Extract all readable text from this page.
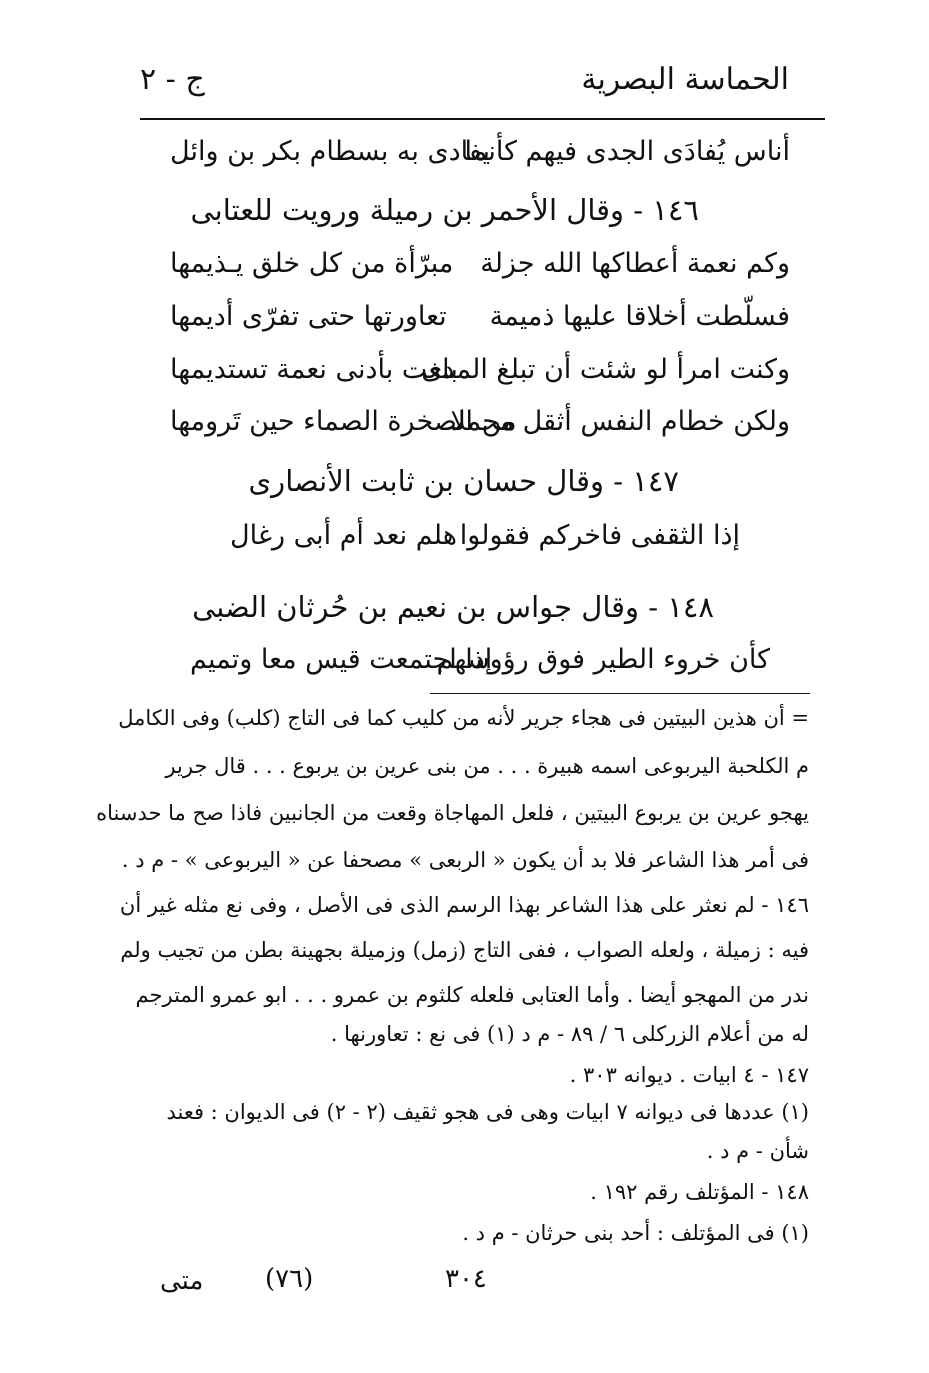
الحماسة البصرية
ج - ٢
أناس يُفادَى الجدى فيهم كأنما
يفادى به بسطام بكر بن وائل
١٤٦ - وقال الأحمر بن رميلة ورويت للعتابى
وكم نعمة أعطاكها الله جزلة
مبرّأة من كل خلق يـذيمها
فسلّطت أخلاقا عليها ذميمة
تعاورتها حتى تفرّى أديمها
وكنت امرأ لو شئت أن تبلغ المدى
بلغت بأدنى نعمة تستديمها
ولكن خطام النفس أثقل محملا
من الصخرة الصماء حين تَرومها
١٤٧ - وقال حسان بن ثابت الأنصارى
إذا الثقفى فاخركم فقولوا
هلم نعد أم أبى رغال
١٤٨ - وقال جواس بن نعيم بن حُرثان الضبى
كأن خروء الطير فوق رؤوسهم
إذا اجتمعت قيس معا وتميم
= أن هذين البيتين فى هجاء جرير لأنه من كليب كما فى التاج (كلب) وفى الكامل
م الكلحبة اليربوعى اسمه هبيرة . . . من بنى عرين بن يربوع . . . قال جرير
يهجو عرين بن يربوع البيتين ، فلعل المهاجاة وقعت من الجانبين فاذا صح ما حدسناه
فى أمر هذا الشاعر فلا بد أن يكون « الربعى » مصحفا عن « اليربوعى » - م د .
١٤٦ - لم نعثر على هذا الشاعر بهذا الرسم الذى فى الأصل ، وفى نع مثله غير أن
فيه : زميلة ، ولعله الصواب ، ففى التاج (زمل) وزميلة بجهينة بطن من تجيب ولم
ندر من المهجو أيضا . وأما العتابى فلعله كلثوم بن عمرو . . . ابو عمرو المترجم
له من أعلام الزركلى ٦ / ٨٩ - م د (١) فى نع : تعاورنها .
١٤٧ - ٤ ابيات . ديوانه ٣٠٣ .
(١) عددها فى ديوانه ٧ ابيات وهى فى هجو ثقيف (٢ - ٢) فى الديوان : فعند
شأن - م د .
١٤٨ - المؤتلف رقم ١٩٢ .
(١) فى المؤتلف : أحد بنى حرثان - م د .
٣٠٤
(٧٦)
متى
